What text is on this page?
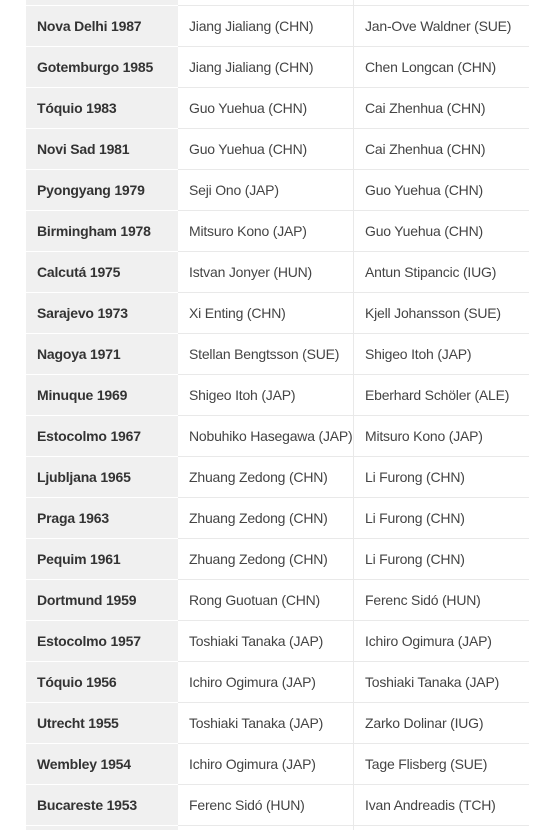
Nova Delhi 1987	Jiang Jialiang (CHN)	Jan-Ove Waldner (SUE)
Gotemburgo 1985	Jiang Jialiang (CHN)	Chen Longcan (CHN)
Tóquio 1983	Guo Yuehua (CHN)	Cai Zhenhua (CHN)
Novi Sad 1981	Guo Yuehua (CHN)	Cai Zhenhua (CHN)
Pyongyang 1979	Seji Ono (JAP)	Guo Yuehua (CHN)
Birmingham 1978	Mitsuro Kono (JAP)	Guo Yuehua (CHN)
Calcutá 1975	Istvan Jonyer (HUN)	Antun Stipancic (IUG)
Sarajevo 1973	Xi Enting (CHN)	Kjell Johansson (SUE)
Nagoya 1971	Stellan Bengtsson (SUE)	Shigeo Itoh (JAP)
Minuque 1969	Shigeo Itoh (JAP)	Eberhard Schöler (ALE)
Estocolmo 1967	Nobuhiko Hasegawa (JAP)	Mitsuro Kono (JAP)
Ljubljana 1965	Zhuang Zedong (CHN)	Li Furong (CHN)
Praga 1963	Zhuang Zedong (CHN)	Li Furong (CHN)
Pequim 1961	Zhuang Zedong (CHN)	Li Furong (CHN)
Dortmund 1959	Rong Guotuan (CHN)	Ferenc Sidó (HUN)
Estocolmo 1957	Toshiaki Tanaka (JAP)	Ichiro Ogimura (JAP)
Tóquio 1956	Ichiro Ogimura (JAP)	Toshiaki Tanaka (JAP)
Utrecht 1955	Toshiaki Tanaka (JAP)	Zarko Dolinar (IUG)
Wembley 1954	Ichiro Ogimura (JAP)	Tage Flisberg (SUE)
Bucareste 1953	Ferenc Sidó (HUN)	Ivan Andreadis (TCH)
